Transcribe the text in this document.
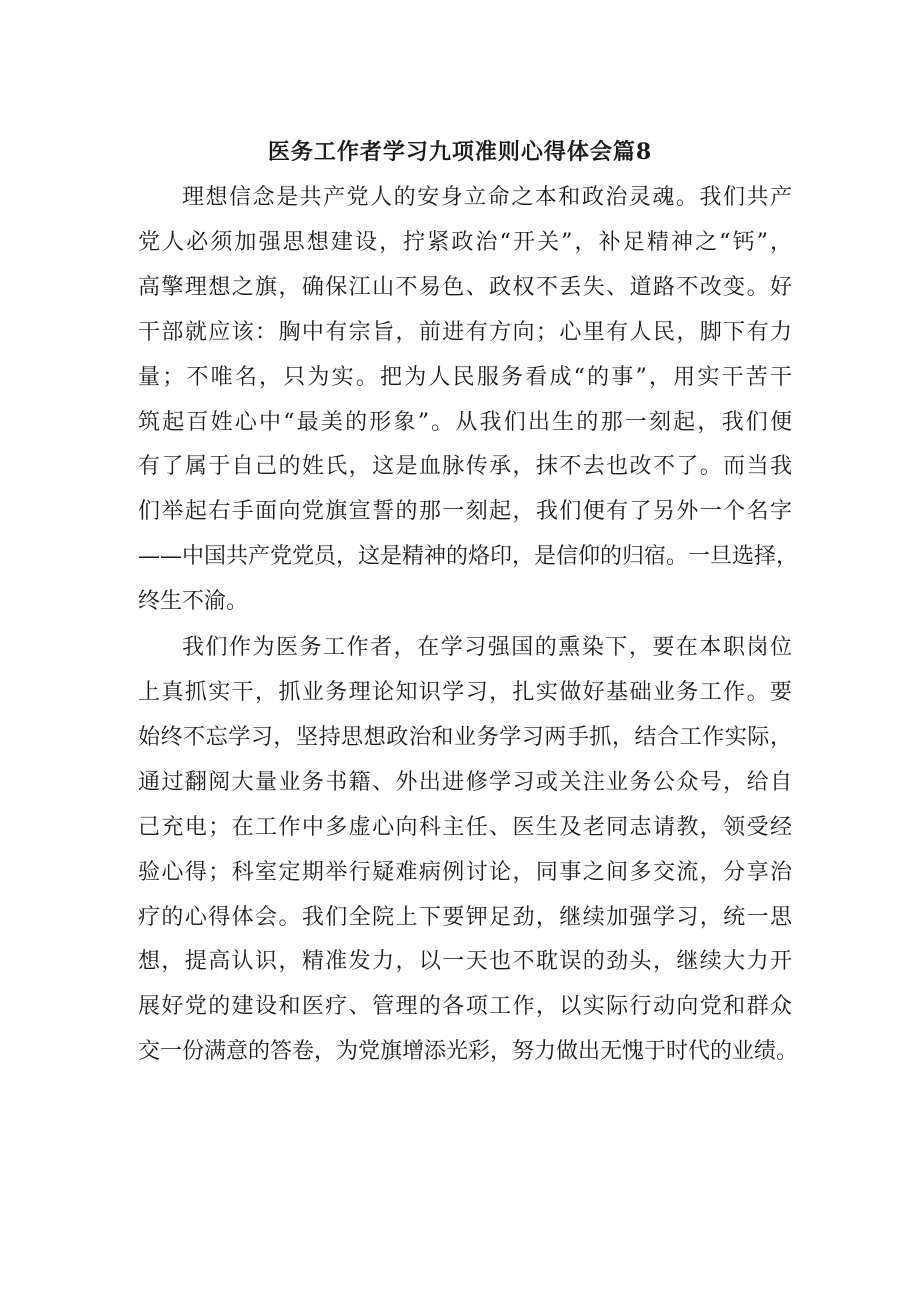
医务工作者学习九项准则心得体会篇8

理想信念是共产党人的安身立命之本和政治灵魂。我们共产
党人必须加强思想建设，拧紧政治“开关”，补足精神之“钙”，
高擎理想之旗，确保江山不易色、政权不丢失、道路不改变。好
干部就应该：胸中有宗旨，前进有方向；心里有人民，脚下有力
量；不唯名，只为实。把为人民服务看成“的事”，用实干苦干
筑起百姓心中“最美的形象”。从我们出生的那一刻起，我们便
有了属于自己的姓氏，这是血脉传承，抹不去也改不了。而当我
们举起右手面向党旗宣誓的那一刻起，我们便有了另外一个名字
——中国共产党党员，这是精神的烙印，是信仰的归宿。一旦选择，
终生不渝。

我们作为医务工作者，在学习强国的熏染下，要在本职岗位
上真抓实干，抓业务理论知识学习，扎实做好基础业务工作。要
始终不忘学习，坚持思想政治和业务学习两手抓，结合工作实际，
通过翻阅大量业务书籍、外出进修学习或关注业务公众号，给自
己充电；在工作中多虚心向科主任、医生及老同志请教，领受经
验心得；科室定期举行疑难病例讨论，同事之间多交流，分享治
疗的心得体会。我们全院上下要钾足劲，继续加强学习，统一思
想，提高认识，精准发力，以一天也不耽误的劲头，继续大力开
展好党的建设和医疗、管理的各项工作，以实际行动向党和群众
交一份满意的答卷，为党旗增添光彩，努力做出无愧于时代的业绩。
